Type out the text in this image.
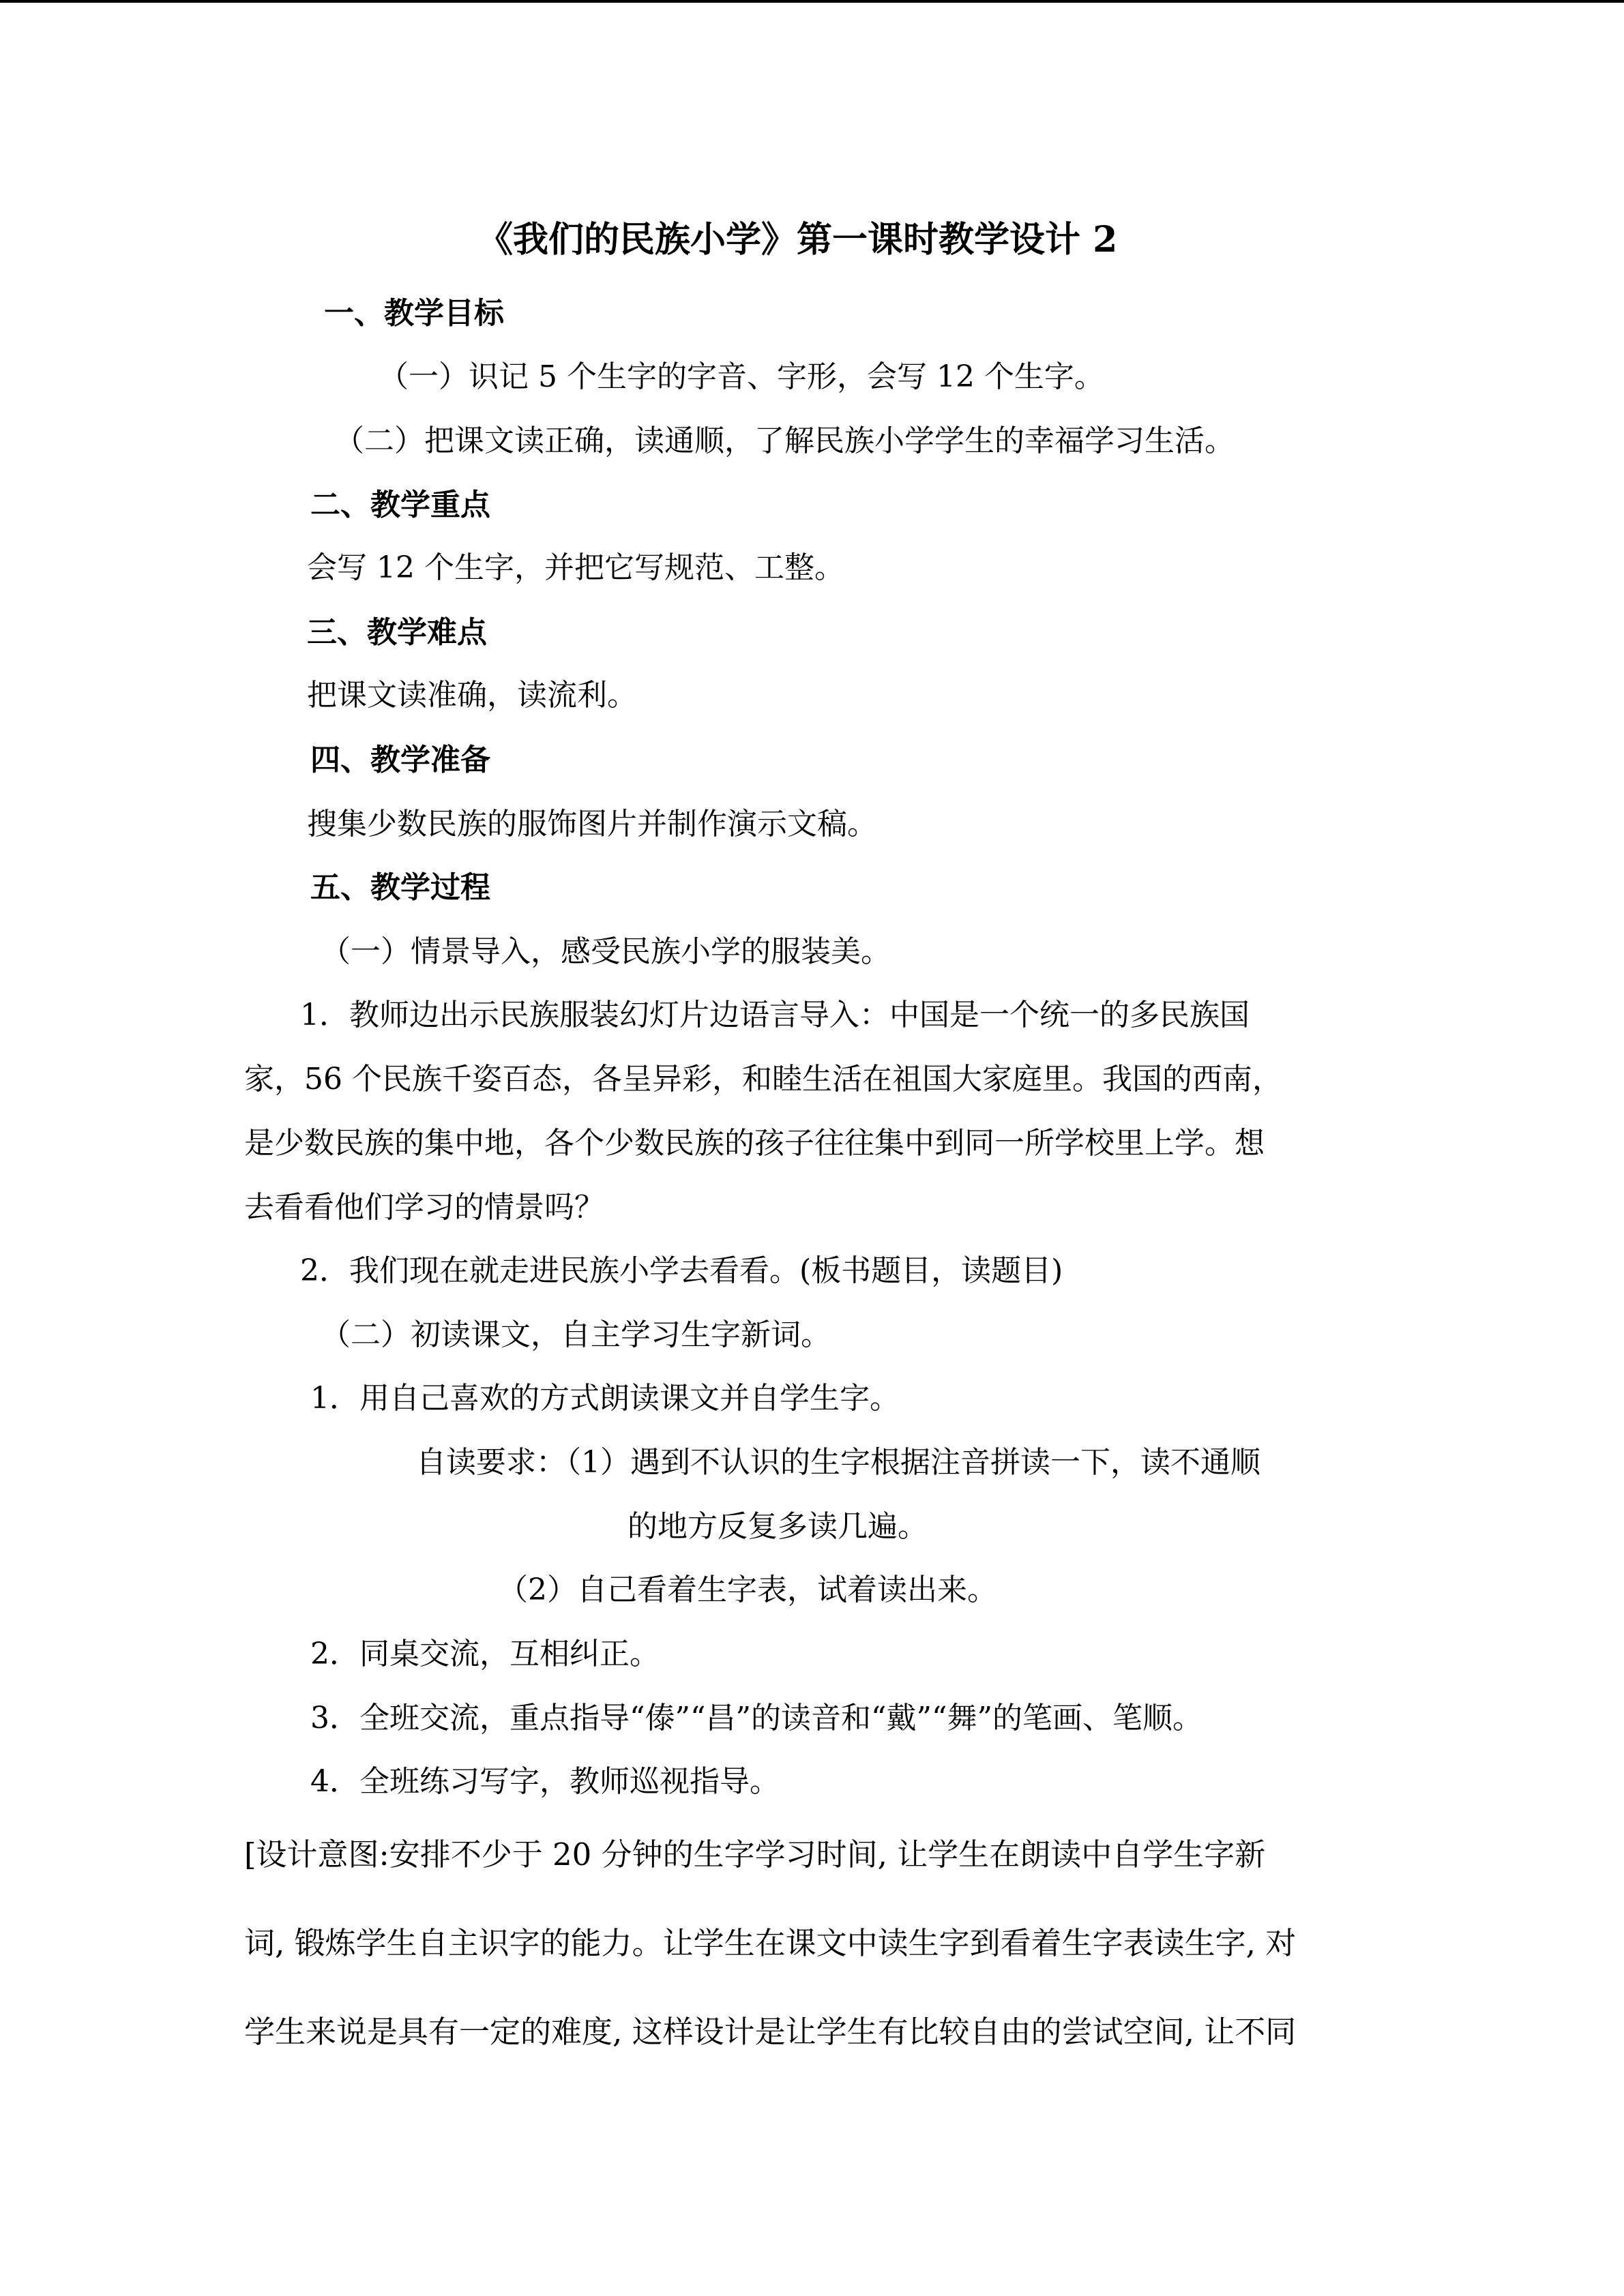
《我们的民族小学》第一课时教学设计 2
一、教学目标
（一）识记 5 个生字的字音、字形，会写 12 个生字。
（二）把课文读正确，读通顺，了解民族小学学生的幸福学习生活。
二、教学重点
会写 12 个生字，并把它写规范、工整。
三、教学难点
把课文读准确，读流利。
四、教学准备
搜集少数民族的服饰图片并制作演示文稿。
五、教学过程
（一）情景导入，感受民族小学的服装美。
1．教师边出示民族服装幻灯片边语言导入：中国是一个统一的多民族国
家，56 个民族千姿百态，各呈异彩，和睦生活在祖国大家庭里。我国的西南，
是少数民族的集中地，各个少数民族的孩子往往集中到同一所学校里上学。想
去看看他们学习的情景吗？
2．我们现在就走进民族小学去看看。(板书题目，读题目)
（二）初读课文，自主学习生字新词。
1．用自己喜欢的方式朗读课文并自学生字。
自读要求：（1）遇到不认识的生字根据注音拼读一下，读不通顺
的地方反复多读几遍。
（2）自己看着生字表，试着读出来。
2．同桌交流，互相纠正。
3．全班交流，重点指导“傣”“昌”的读音和“戴”“舞”的笔画、笔顺。
4．全班练习写字，教师巡视指导。
[设计意图:安排不少于 20 分钟的生字学习时间, 让学生在朗读中自学生字新
词, 锻炼学生自主识字的能力。让学生在课文中读生字到看着生字表读生字, 对
学生来说是具有一定的难度, 这样设计是让学生有比较自由的尝试空间, 让不同
